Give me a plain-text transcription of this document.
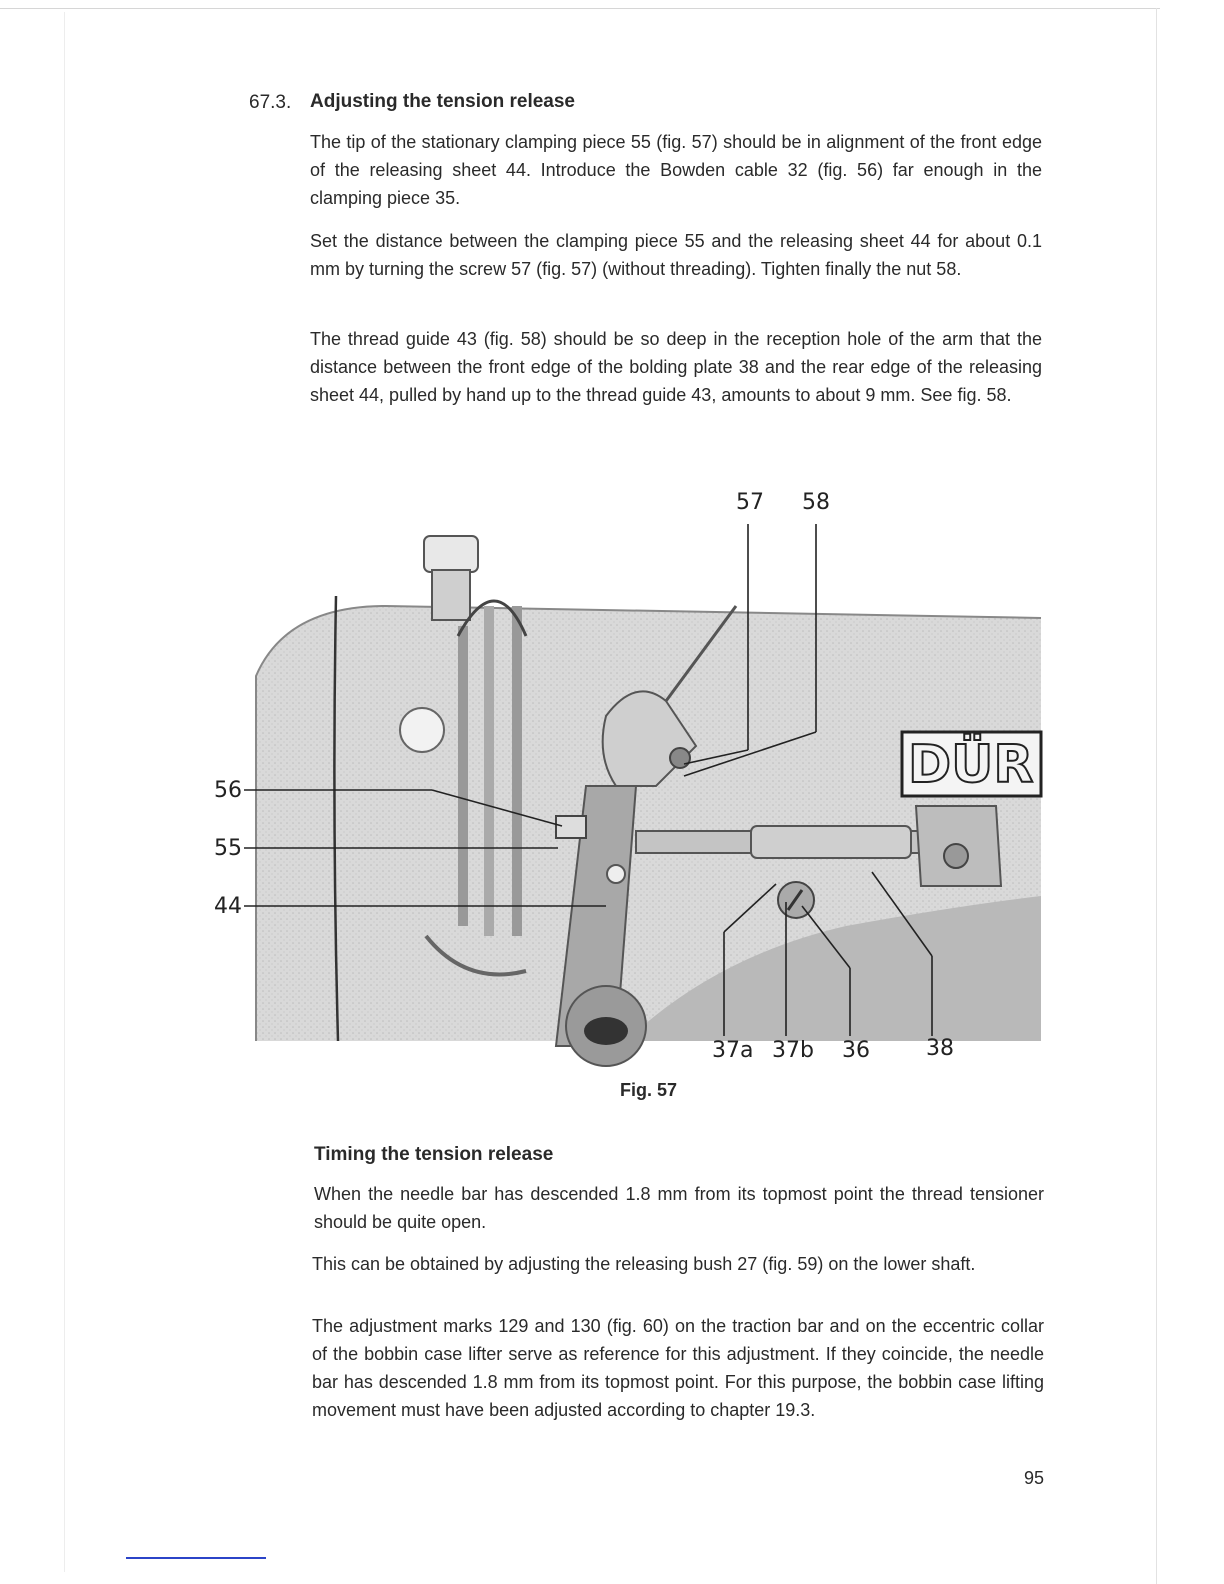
67.3. Adjusting the tension release

The tip of the stationary clamping piece 55 (fig. 57) should be in alignment of the front edge of the releasing sheet 44. Introduce the Bowden cable 32 (fig. 56) far enough in the clamping piece 35.

Set the distance between the clamping piece 55 and the releasing sheet 44 for about 0.1 mm by turning the screw 57 (fig. 57) (without threading). Tighten finally the nut 58.

The thread guide 43 (fig. 58) should be so deep in the reception hole of the arm that the distance between the front edge of the bolding plate 38 and the rear edge of the releasing sheet 44, pulled by hand up to the thread guide 43, amounts to about 9 mm. See fig. 58.

DÜR
57 58
56
55
44
37a 37b 36	38
Fig. 57
Timing the tension release

When the needle bar has descended 1.8 mm from its topmost point the thread tensioner should be quite open.

This can be obtained by adjusting the releasing bush 27 (fig. 59) on the lower shaft.

The adjustment marks 129 and 130 (fig. 60) on the traction bar and on the eccentric collar of the bobbin case lifter serve as reference for this adjustment. If they coincide, the needle bar has descended 1.8 mm from its topmost point. For this purpose, the bobbin case lifting movement must have been adjusted according to chapter 19.3.

95
